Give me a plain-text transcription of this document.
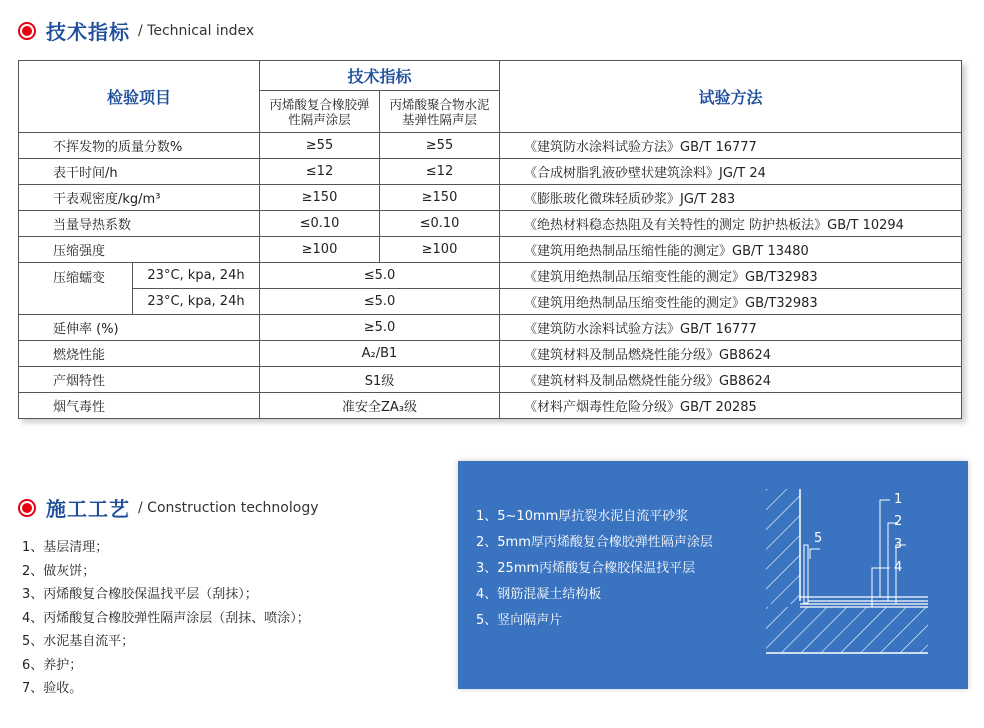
技术指标 / Technical index
检验项目		技术指标		试验方法
		丙烯酸复合橡胶弹性隔声涂层	丙烯酸聚合物水泥基弹性隔声层	
不挥发物的质量分数%		≥55	≥55	《建筑防水涂料试验方法》GB/T 16777
表干时间/h		≤12	≤12	《合成树脂乳液砂壁状建筑涂料》JG/T 24
干表观密度/kg/m³		≥150	≥150	《膨胀玻化微珠轻质砂浆》JG/T 283
当量导热系数		≤0.10	≤0.10	《绝热材料稳态热阻及有关特性的测定 防护热板法》GB/T 10294
压缩强度		≥100	≥100	《建筑用绝热制品压缩性能的测定》GB/T 13480
压缩蠕变	23°C, kpa, 24h	≤5.0		《建筑用绝热制品压缩变性能的测定》GB/T32983
	23°C, kpa, 24h	≤5.0		《建筑用绝热制品压缩变性能的测定》GB/T32983
延伸率 (%)		≥5.0		《建筑防水涂料试验方法》GB/T 16777
燃烧性能		A₂/B1		《建筑材料及制品燃烧性能分级》GB8624
产烟特性		S1级		《建筑材料及制品燃烧性能分级》GB8624
烟气毒性		准安全ZA₃级		《材料产烟毒性危险分级》GB/T 20285
施工工艺 / Construction technology
1、基层清理；
2、做灰饼；
3、丙烯酸复合橡胶保温找平层（刮抹）；
4、丙烯酸复合橡胶弹性隔声涂层（刮抹、喷涂）；
5、水泥基自流平；
6、养护；
7、验收。
1、5~10mm厚抗裂水泥自流平砂浆
2、5mm厚丙烯酸复合橡胶弹性隔声涂层
3、25mm丙烯酸复合橡胶保温找平层
4、钢筋混凝土结构板
5、竖向隔声片
1
2
3
4
5
